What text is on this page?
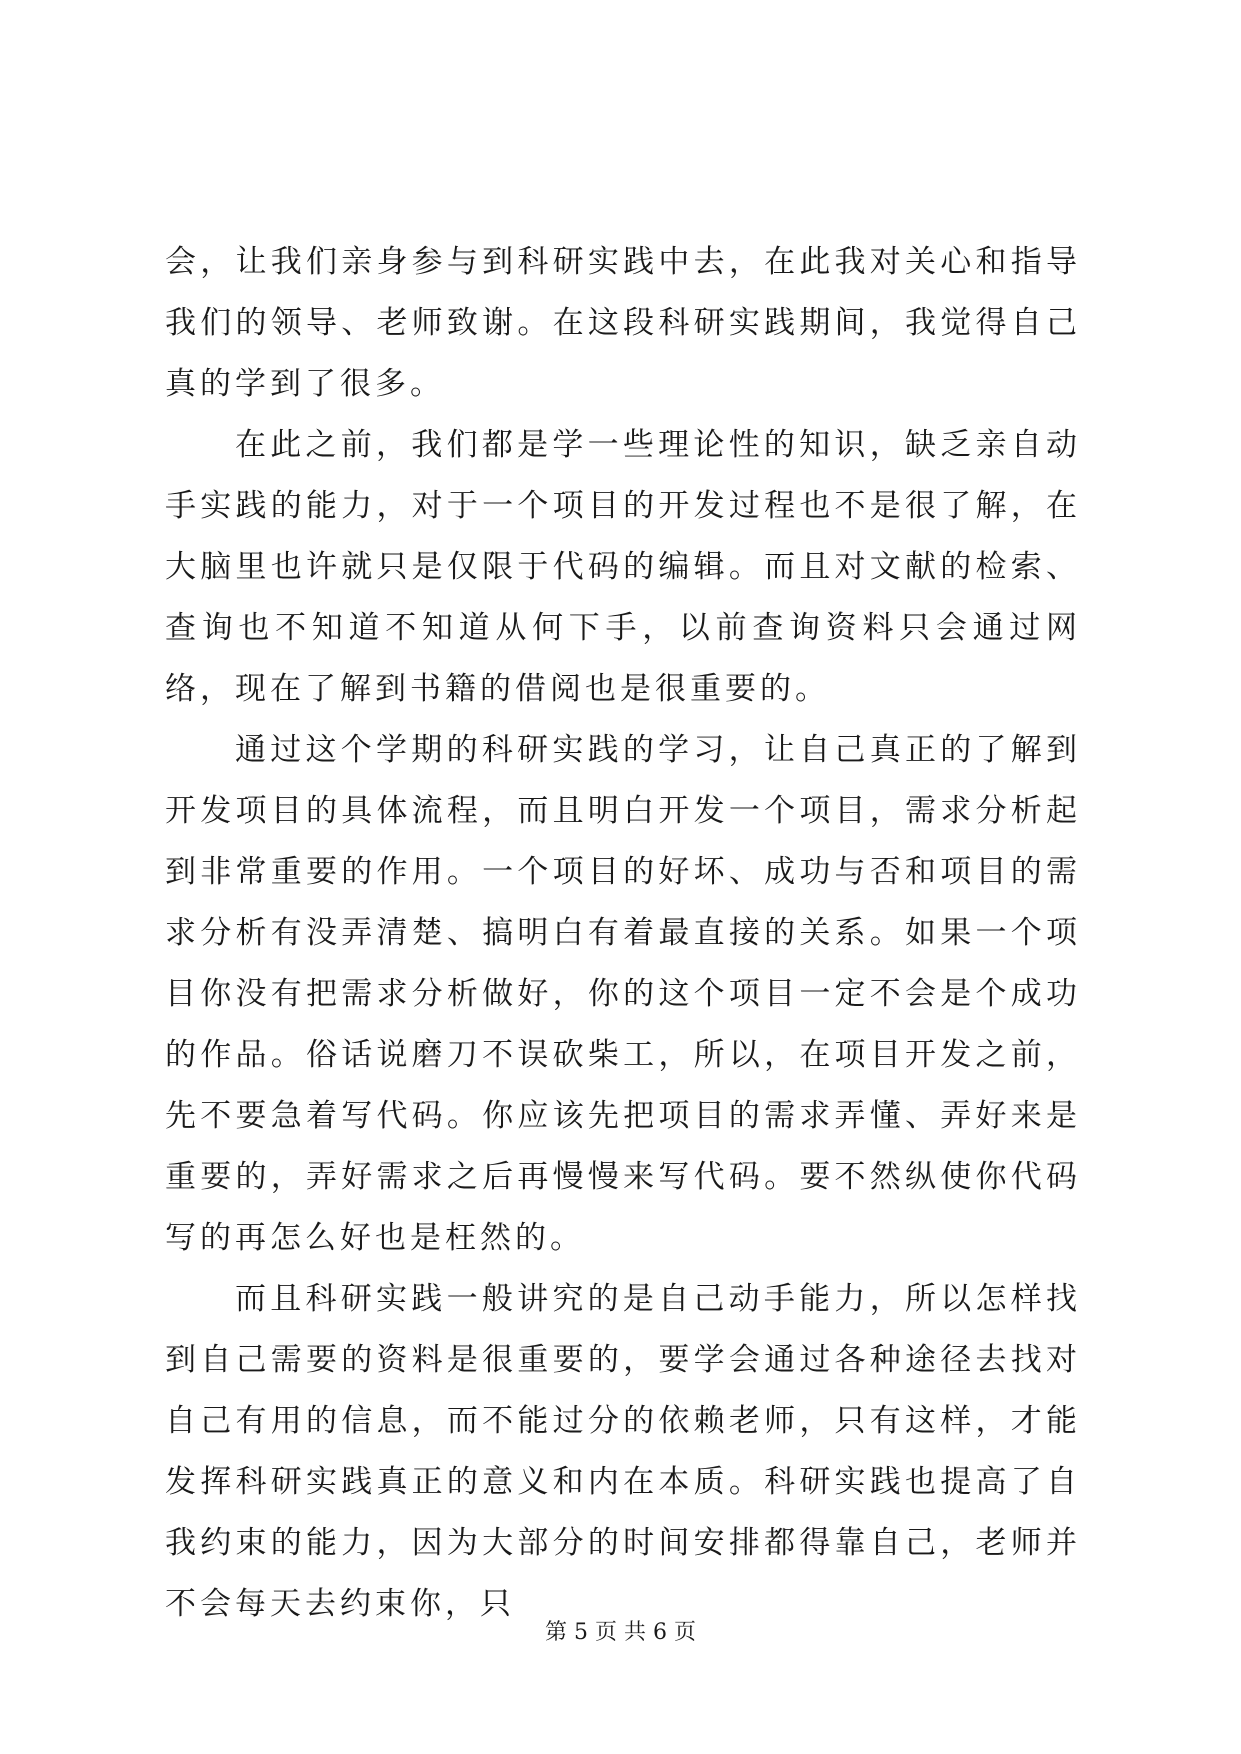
会，让我们亲身参与到科研实践中去，在此我对关心和指导我们的领导、老师致谢。在这段科研实践期间，我觉得自己真的学到了很多。

在此之前，我们都是学一些理论性的知识，缺乏亲自动手实践的能力，对于一个项目的开发过程也不是很了解，在大脑里也许就只是仅限于代码的编辑。而且对文献的检索、查询也不知道不知道从何下手，以前查询资料只会通过网络，现在了解到书籍的借阅也是很重要的。

通过这个学期的科研实践的学习，让自己真正的了解到开发项目的具体流程，而且明白开发一个项目，需求分析起到非常重要的作用。一个项目的好坏、成功与否和项目的需求分析有没弄清楚、搞明白有着最直接的关系。如果一个项目你没有把需求分析做好，你的这个项目一定不会是个成功的作品。俗话说磨刀不误砍柴工，所以，在项目开发之前，先不要急着写代码。你应该先把项目的需求弄懂、弄好来是重要的，弄好需求之后再慢慢来写代码。要不然纵使你代码写的再怎么好也是枉然的。

而且科研实践一般讲究的是自己动手能力，所以怎样找到自己需要的资料是很重要的，要学会通过各种途径去找对自己有用的信息，而不能过分的依赖老师，只有这样，才能发挥科研实践真正的意义和内在本质。科研实践也提高了自我约束的能力，因为大部分的时间安排都得靠自己，老师并不会每天去约束你，只

第 5 页 共 6 页
